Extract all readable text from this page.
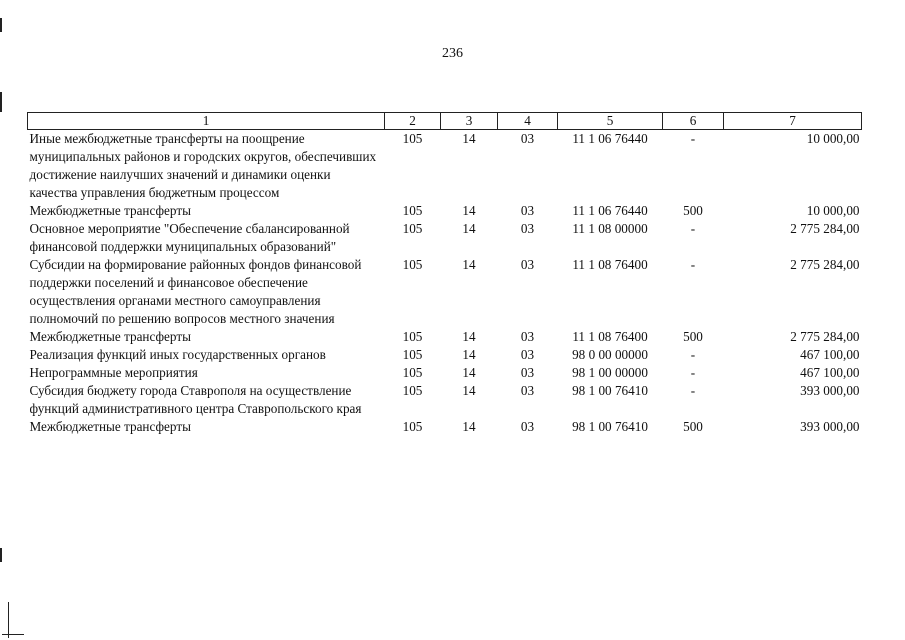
236
1	2	3	4	5	6	7
Иные межбюджетные трансферты на поощрение муниципальных районов и городских округов, обеспечивших достижение наилучших значений и динамики оценки качества управления бюджетным процессом	105	14	03	11 1 06 76440	-	10 000,00
Межбюджетные трансферты	105	14	03	11 1 06 76440	500	10 000,00
Основное мероприятие "Обеспечение сбалансированной финансовой поддержки муниципальных образований"	105	14	03	11 1 08 00000	-	2 775 284,00
Субсидии на формирование районных фондов финансовой поддержки поселений и финансовое обеспечение осуществления органами местного самоуправления полномочий по решению вопросов местного значения	105	14	03	11 1 08 76400	-	2 775 284,00
Межбюджетные трансферты	105	14	03	11 1 08 76400	500	2 775 284,00
Реализация функций иных государственных органов	105	14	03	98 0 00 00000	-	467 100,00
Непрограммные мероприятия	105	14	03	98 1 00 00000	-	467 100,00
Субсидия бюджету города Ставрополя на осуществление функций административного центра Ставропольского края	105	14	03	98 1 00 76410	-	393 000,00
Межбюджетные трансферты	105	14	03	98 1 00 76410	500	393 000,00
